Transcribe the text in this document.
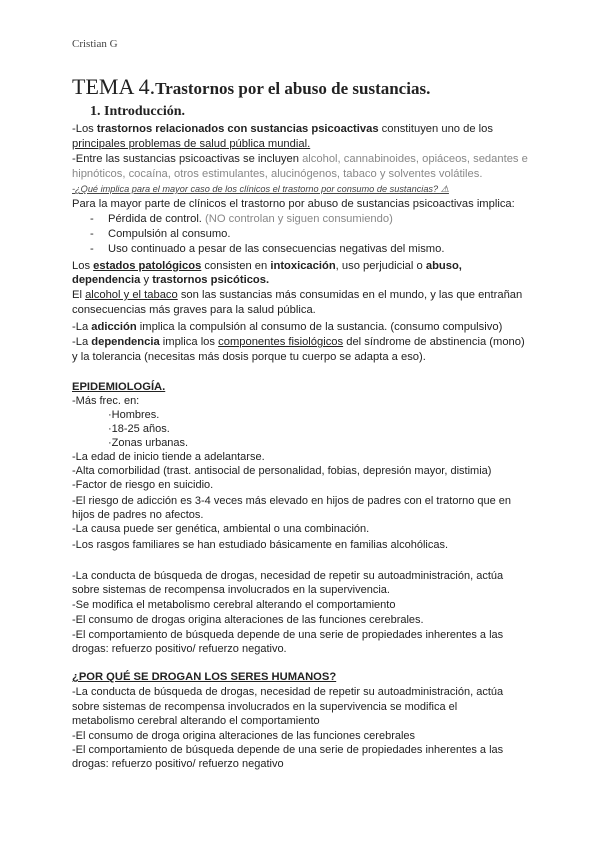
Cristian G
TEMA 4.Trastornos por el abuso de sustancias.
1. Introducción.
-Los trastornos relacionados con sustancias psicoactivas constituyen uno de los
principales problemas de salud pública mundial.
-Entre las sustancias psicoactivas se incluyen alcohol, cannabinoides, opiáceos, sedantes e
hipnóticos, cocaína, otros estimulantes, alucinógenos, tabaco y solventes volátiles.
-¿Qué implica para el mayor caso de los clínicos el trastorno por consumo de sustancias? ⚠
Para la mayor parte de clínicos el trastorno por abuso de sustancias psicoactivas implica:
- Pérdida de control. (NO controlan y siguen consumiendo)
- Compulsión al consumo.
- Uso continuado a pesar de las consecuencias negativas del mismo.
Los estados patológicos consisten en intoxicación, uso perjudicial o abuso,
dependencia y trastornos psicóticos.
El alcohol y el tabaco son las sustancias más consumidas en el mundo, y las que entrañan
consecuencias más graves para la salud pública.
-La adicción implica la compulsión al consumo de la sustancia. (consumo compulsivo)
-La dependencia implica los componentes fisiológicos del síndrome de abstinencia (mono)
y la tolerancia (necesitas más dosis porque tu cuerpo se adapta a eso).
EPIDEMIOLOGÍA.
-Más frec. en:
·Hombres.
·18-25 años.
·Zonas urbanas.
-La edad de inicio tiende a adelantarse.
-Alta comorbilidad (trast. antisocial de personalidad, fobias, depresión mayor, distimia)
-Factor de riesgo en suicidio.
-El riesgo de adicción es 3-4 veces más elevado en hijos de padres con el tratorno que en
hijos de padres no afectos.
-La causa puede ser genética, ambiental o una combinación.
-Los rasgos familiares se han estudiado básicamente en familias alcohólicas.
-La conducta de búsqueda de drogas, necesidad de repetir su autoadministración, actúa
sobre sistemas de recompensa involucrados en la supervivencia.
-Se modifica el metabolismo cerebral alterando el comportamiento
-El consumo de drogas origina alteraciones de las funciones cerebrales.
-El comportamiento de búsqueda depende de una serie de propiedades inherentes a las
drogas: refuerzo positivo/ refuerzo negativo.
¿POR QUÉ SE DROGAN LOS SERES HUMANOS?
-La conducta de búsqueda de drogas, necesidad de repetir su autoadministración, actúa
sobre sistemas de recompensa involucrados en la supervivencia se modifica el
metabolismo cerebral alterando el comportamiento
-El consumo de droga origina alteraciones de las funciones cerebrales
-El comportamiento de búsqueda depende de una serie de propiedades inherentes a las
drogas: refuerzo positivo/ refuerzo negativo
